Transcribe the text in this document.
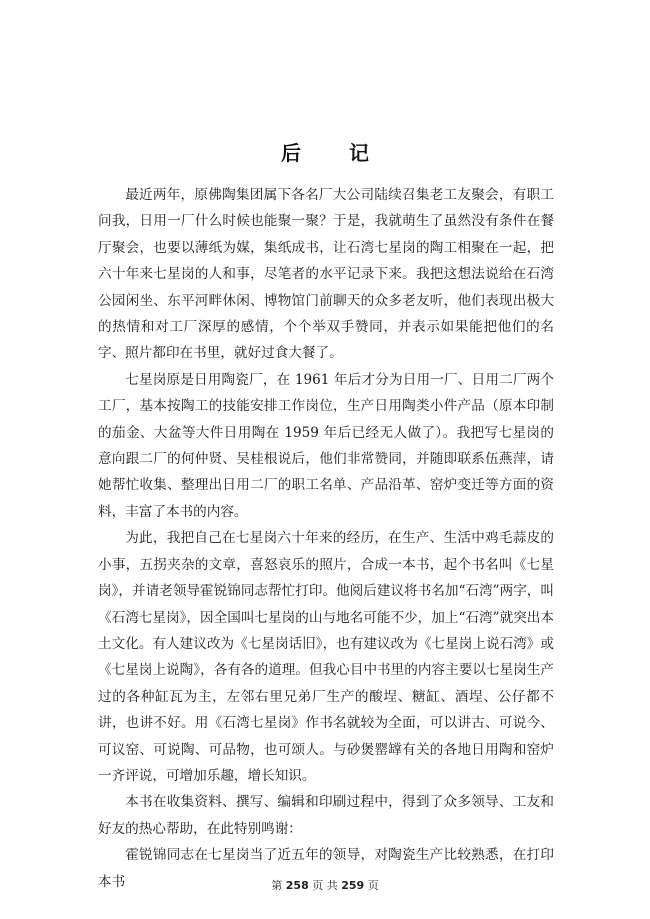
后　记

最近两年，原佛陶集团属下各名厂大公司陆续召集老工友聚会，有职工问我，日用一厂什么时候也能聚一聚？于是，我就萌生了虽然没有条件在餐厅聚会，也要以薄纸为媒，集纸成书，让石湾七星岗的陶工相聚在一起，把六十年来七星岗的人和事，尽笔者的水平记录下来。我把这想法说给在石湾公园闲坐、东平河畔休闲、博物馆门前聊天的众多老友听，他们表现出极大的热情和对工厂深厚的感情，个个举双手赞同，并表示如果能把他们的名字、照片都印在书里，就好过食大餐了。

七星岗原是日用陶瓷厂，在 1961 年后才分为日用一厂、日用二厂两个工厂，基本按陶工的技能安排工作岗位，生产日用陶类小件产品（原本印制的茄金、大盆等大件日用陶在 1959 年后已经无人做了）。我把写七星岗的意向跟二厂的何仲贤、吴桂根说后，他们非常赞同，并随即联系伍燕萍，请她帮忙收集、整理出日用二厂的职工名单、产品沿革、窑炉变迁等方面的资料，丰富了本书的内容。

为此，我把自己在七星岗六十年来的经历，在生产、生活中鸡毛蒜皮的小事，五拐夹杂的文章，喜怒哀乐的照片，合成一本书，起个书名叫《七星岗》，并请老领导霍锐锦同志帮忙打印。他阅后建议将书名加“石湾”两字，叫《石湾七星岗》，因全国叫七星岗的山与地名可能不少，加上“石湾”就突出本土文化。有人建议改为《七星岗话旧》，也有建议改为《七星岗上说石湾》或《七星岗上说陶》，各有各的道理。但我心目中书里的内容主要以七星岗生产过的各种缸瓦为主，左邻右里兄弟厂生产的酸埕、糖缸、酒埕、公仔都不讲，也讲不好。用《石湾七星岗》作书名就较为全面，可以讲古、可说今、可议窑、可说陶、可品物，也可颂人。与砂煲罂罉有关的各地日用陶和窑炉一齐评说，可增加乐趣，增长知识。

本书在收集资料、撰写、编辑和印刷过程中，得到了众多领导、工友和好友的热心帮助，在此特别鸣谢：

霍锐锦同志在七星岗当了近五年的领导，对陶瓷生产比较熟悉，在打印本书	第 258 页 共 259 页
